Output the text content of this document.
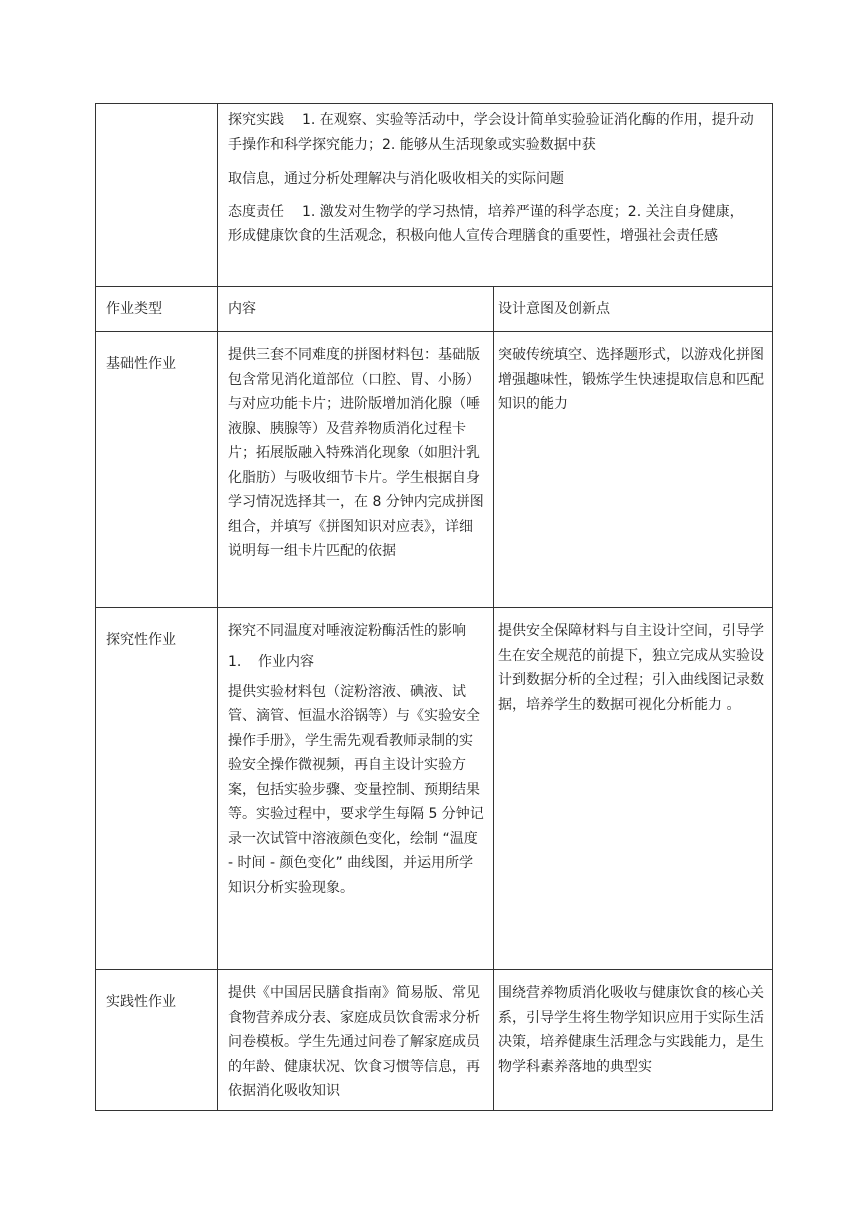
	探究实践 1. 在观察、实验等活动中，学会设计简单实验验证消化酶的作用，提升动手操作和科学探究能力；2. 能够从生活现象或实验数据中获

取信息，通过分析处理解决与消化吸收相关的实际问题

态度责任 1. 激发对生物学的学习热情，培养严谨的科学态度；2. 关注自身健康，形成健康饮食的生活观念，积极向他人宣传合理膳食的重要性，增强社会责任感	

作业类型	内容	设计意图及创新点

基础性作业	提供三套不同难度的拼图材料包：基础版包含常见消化道部位（口腔、胃、小肠）与对应功能卡片；进阶版增加消化腺（唾液腺、胰腺等）及营养物质消化过程卡片；拓展版融入特殊消化现象（如胆汁乳化脂肪）与吸收细节卡片。学生根据自身学习情况选择其一，在 8 分钟内完成拼图组合，并填写《拼图知识对应表》，详细说明每一组卡片匹配的依据	突破传统填空、选择题形式，以游戏化拼图增强趣味性，锻炼学生快速提取信息和匹配知识的能力

探究性作业	探究不同温度对唾液淀粉酶活性的影响

1. 作业内容

提供实验材料包（淀粉溶液、碘液、试管、滴管、恒温水浴锅等）与《实验安全操作手册》，学生需先观看教师录制的实验安全操作微视频，再自主设计实验方案，包括实验步骤、变量控制、预期结果等。实验过程中，要求学生每隔 5 分钟记录一次试管中溶液颜色变化，绘制 “温度 - 时间 - 颜色变化” 曲线图，并运用所学知识分析实验现象。	提供安全保障材料与自主设计空间，引导学生在安全规范的前提下，独立完成从实验设计到数据分析的全过程；引入曲线图记录数据，培养学生的数据可视化分析能力 。

实践性作业	提供《中国居民膳食指南》简易版、常见食物营养成分表、家庭成员饮食需求分析问卷模板。学生先通过问卷了解家庭成员的年龄、健康状况、饮食习惯等信息，再依据消化吸收知识	围绕营养物质消化吸收与健康饮食的核心关系，引导学生将生物学知识应用于实际生活决策，培养健康生活理念与实践能力，是生物学科素养落地的典型实
